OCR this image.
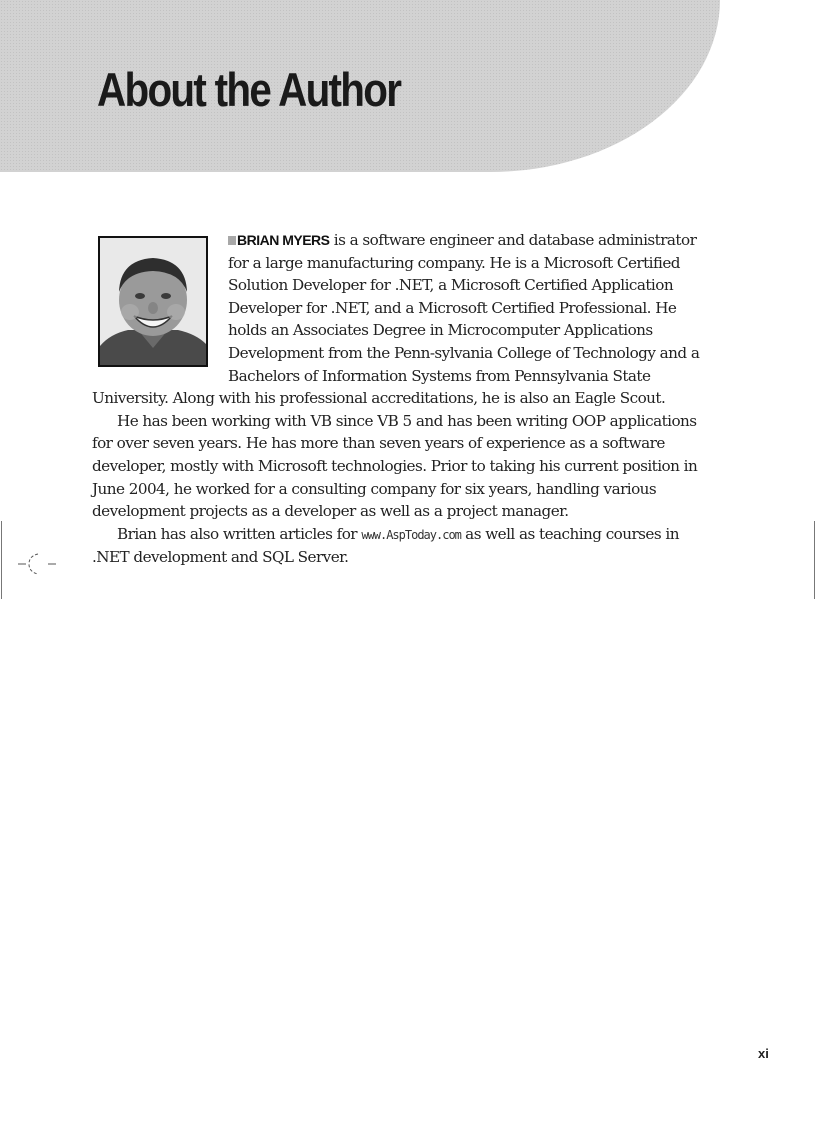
About the Author

BRIAN MYERS is a software engineer and database administrator for a large manufacturing company. He is a Microsoft Certified Solution Developer for .NET, a Microsoft Certified Application Developer for .NET, and a Microsoft Certified Professional. He holds an Associates Degree in Microcomputer Applications Development from the Penn-sylvania College of Technology and a Bachelors of Information Systems from Pennsylvania State University. Along with his professional accreditations, he is also an Eagle Scout.

He has been working with VB since VB 5 and has been writing OOP applications for over seven years. He has more than seven years of experience as a software developer, mostly with Microsoft technologies. Prior to taking his current position in June 2004, he worked for a consulting company for six years, handling various development projects as a developer as well as a project manager.

Brian has also written articles for www.AspToday.com as well as teaching courses in .NET development and SQL Server.

xi
